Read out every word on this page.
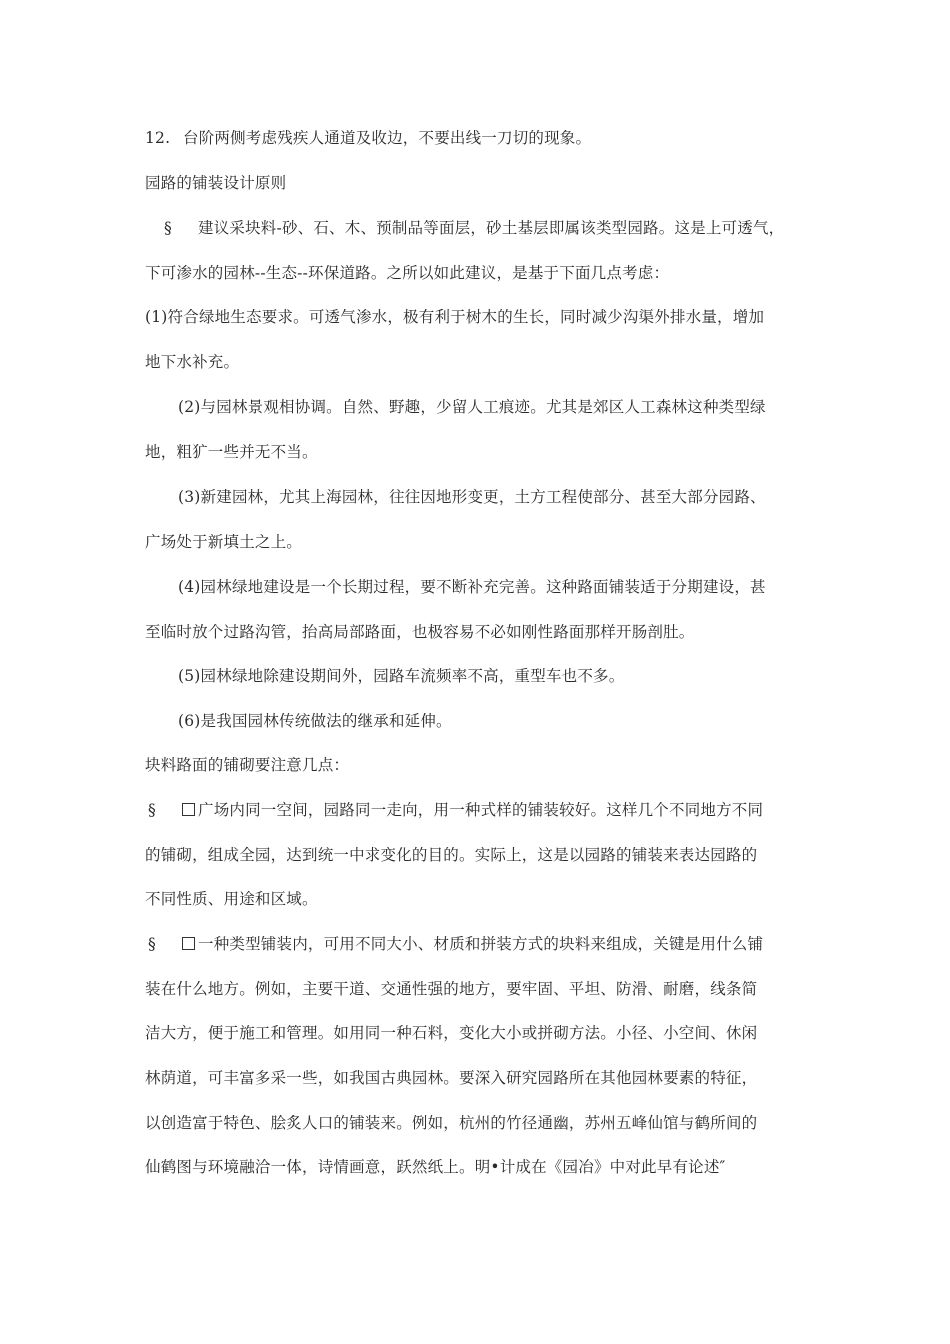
12. 台阶两侧考虑残疾人通道及收边，不要出线一刀切的现象。
园路的铺装设计原则
§ 建议采块料-砂、石、木、预制品等面层，砂土基层即属该类型园路。这是上可透气，
下可渗水的园林--生态--环保道路。之所以如此建议，是基于下面几点考虑：
(1)符合绿地生态要求。可透气渗水，极有利于树木的生长，同时减少沟渠外排水量，增加
地下水补充。
(2)与园林景观相协调。自然、野趣，少留人工痕迹。尤其是郊区人工森林这种类型绿
地，粗犷一些并无不当。
(3)新建园林，尤其上海园林，往往因地形变更，土方工程使部分、甚至大部分园路、
广场处于新填土之上。
(4)园林绿地建设是一个长期过程，要不断补充完善。这种路面铺装适于分期建设，甚
至临时放个过路沟管，抬高局部路面，也极容易不必如刚性路面那样开肠剖肚。
(5)园林绿地除建设期间外，园路车流频率不高，重型车也不多。
(6)是我国园林传统做法的继承和延伸。
块料路面的铺砌要注意几点：
§	广场内同一空间，园路同一走向，用一种式样的铺装较好。这样几个不同地方不同
的铺砌，组成全园，达到统一中求变化的目的。实际上，这是以园路的铺装来表达园路的
不同性质、用途和区域。
§	一种类型铺装内，可用不同大小、材质和拼装方式的块料来组成，关键是用什么铺
装在什么地方。例如，主要干道、交通性强的地方，要牢固、平坦、防滑、耐磨，线条简
洁大方，便于施工和管理。如用同一种石料，变化大小或拼砌方法。小径、小空间、休闲
林荫道，可丰富多采一些，如我国古典园林。要深入研究园路所在其他园林要素的特征，
以创造富于特色、脍炙人口的铺装来。例如，杭州的竹径通幽，苏州五峰仙馆与鹤所间的
仙鹤图与环境融洽一体，诗情画意，跃然纸上。明•计成在《园冶》中对此早有论述″
